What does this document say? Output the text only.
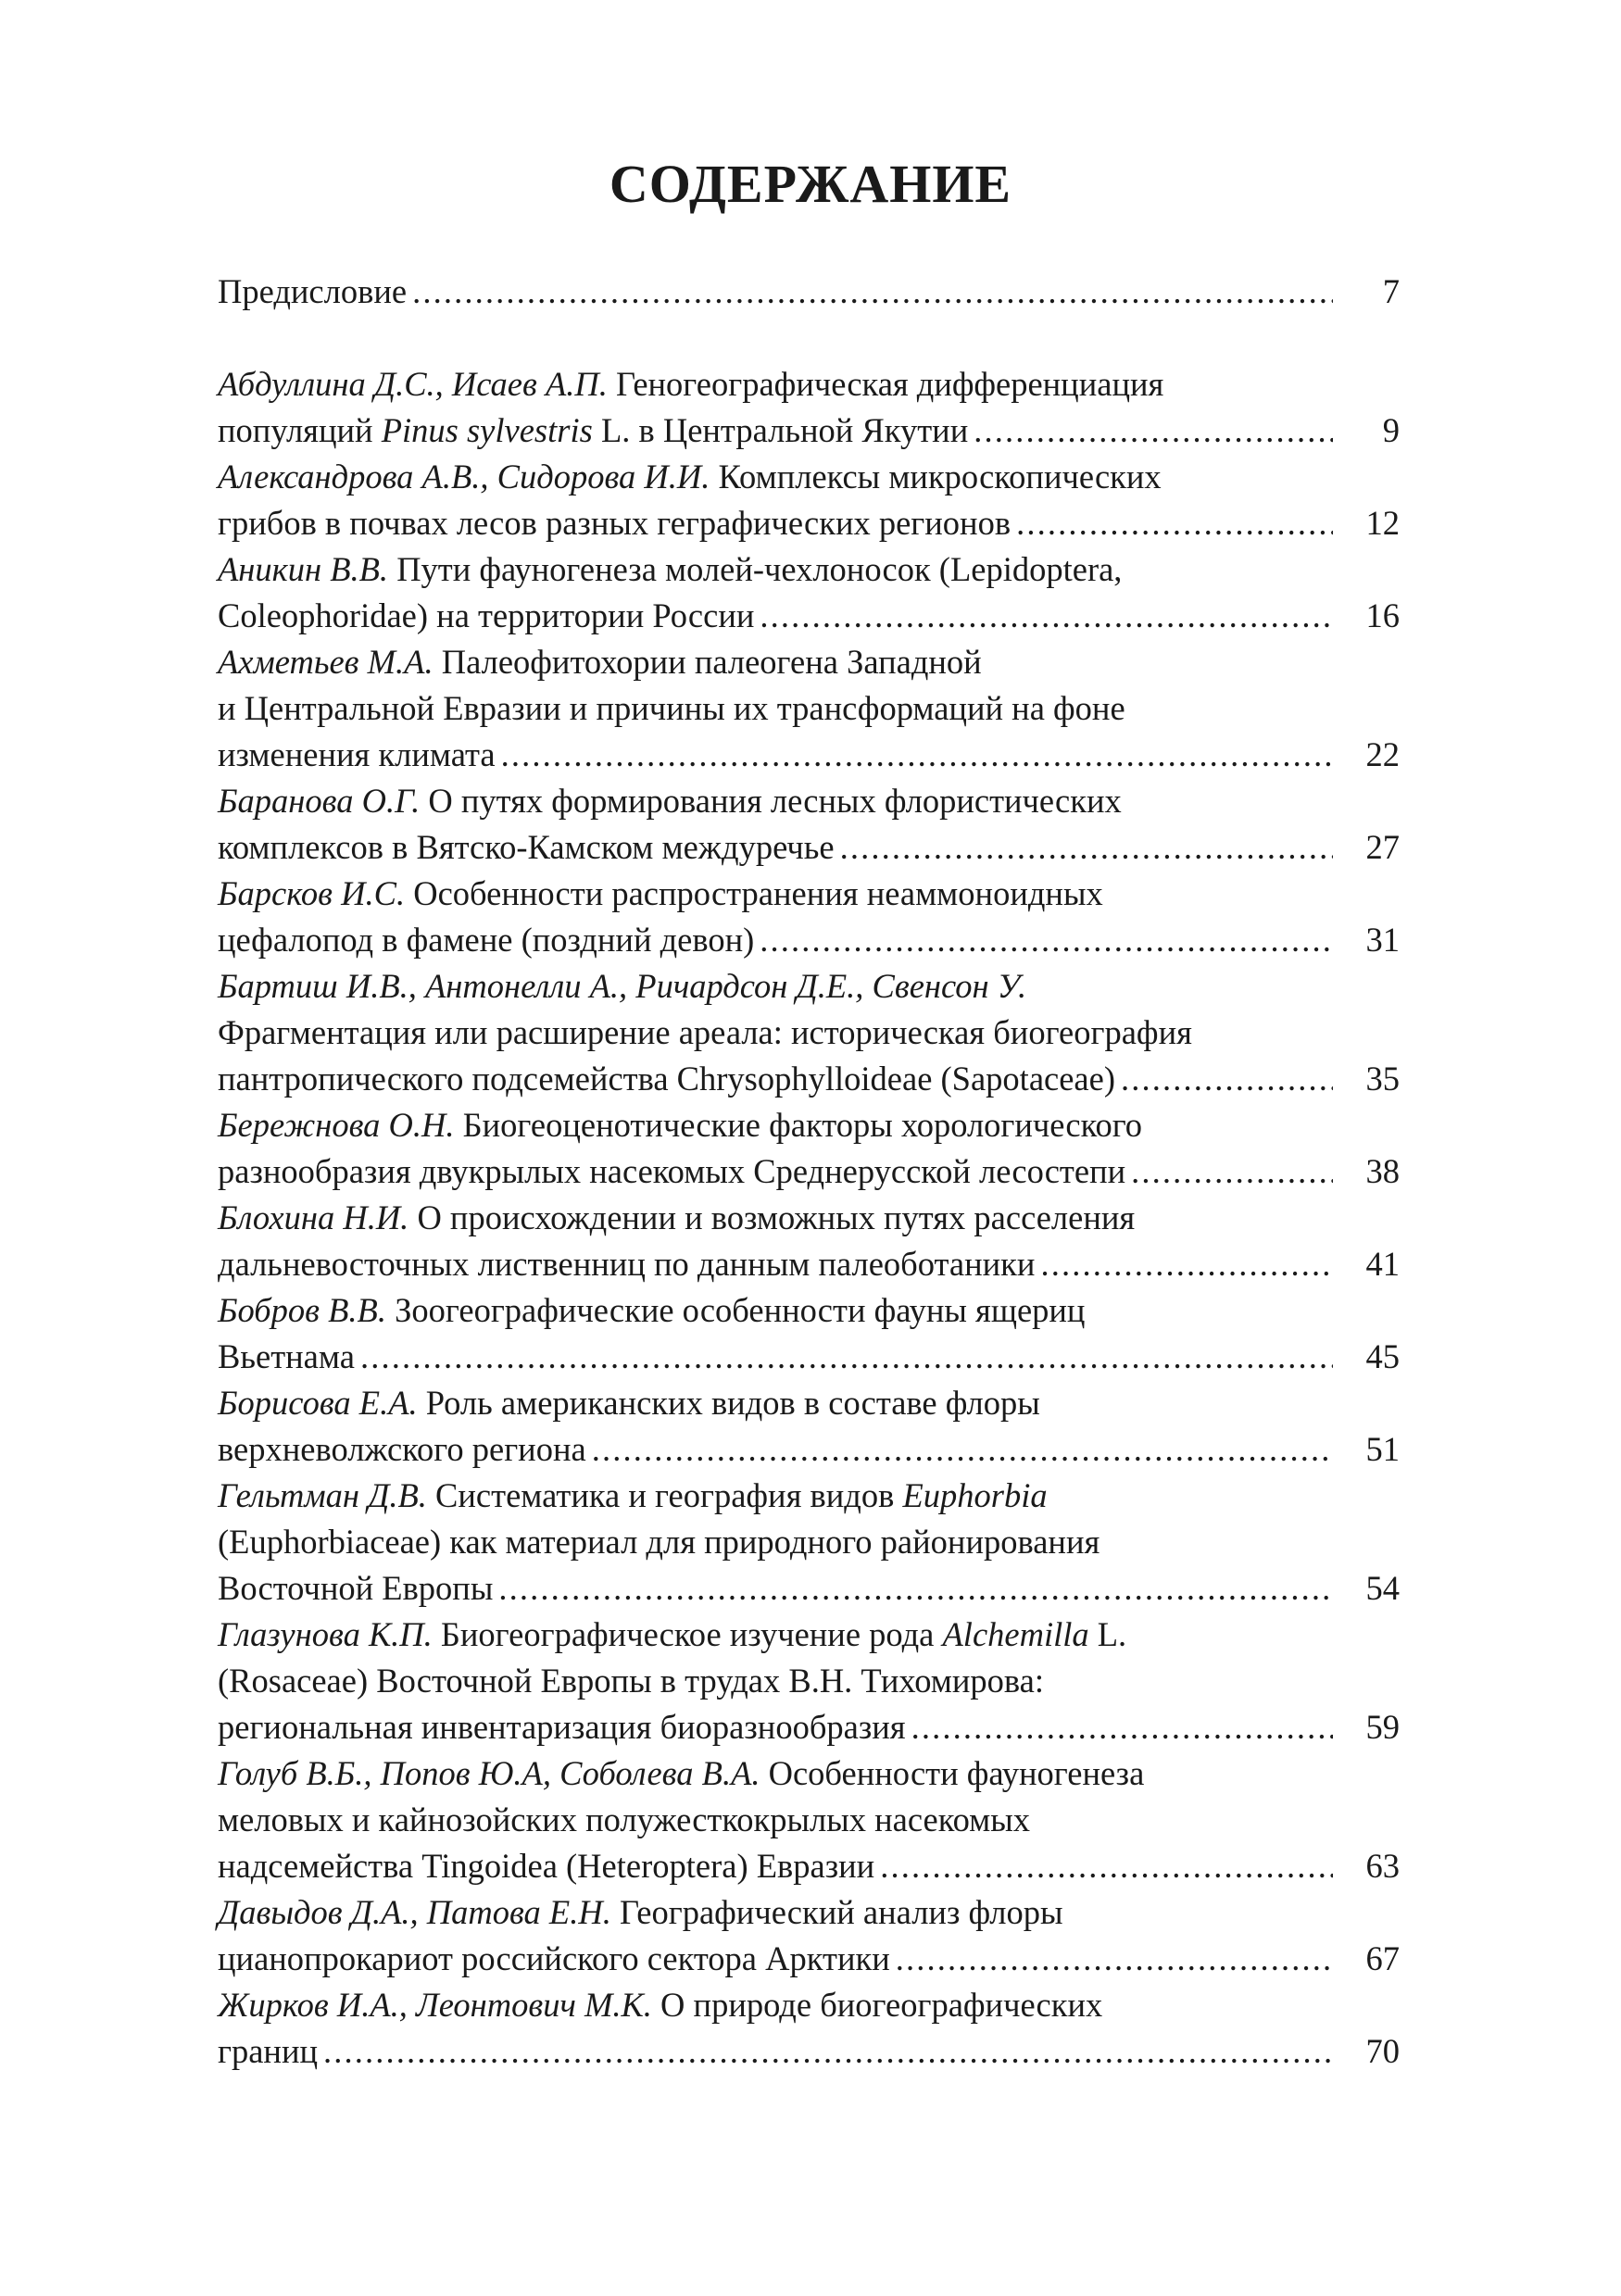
СОДЕРЖАНИЕ
Предисловие . . .	7
Абдуллина Д.С., Исаев А.П. Геногеографическая дифференциация
популяций Pinus sylvestris L. в Центральной Якутии . . .	9
Александрова А.В., Сидорова И.И. Комплексы микроскопических
грибов в почвах лесов разных геграфических регионов . . .	12
Аникин В.В. Пути фауногенеза молей-чехлоносок (Lepidoptera,
Coleophoridae) на территории России . . .	16
Ахметьев М.А. Палеофитохории палеогена Западной
и Центральной Евразии и причины их трансформаций на фоне
изменения климата . . .	22
Баранова О.Г. О путях формирования лесных флористических
комплексов в Вятско-Камском междуречье . . .	27
Барсков И.С. Особенности распространения неаммоноидных
цефалопод в фамене (поздний девон) . . .	31
Бартиш И.В., Антонелли А., Ричардсон Д.Е., Свенсон У.
Фрагментация или расширение ареала: историческая биогеография
пантропического подсемейства Chrysophylloideae (Sapotaceae) . . .	35
Бережнова О.Н. Биогеоценотические факторы хорологического
разнообразия двукрылых насекомых Среднерусской лесостепи . . .	38
Блохина Н.И. О происхождении и возможных путях расселения
дальневосточных лиственниц по данным палеоботаники . . .	41
Бобров В.В. Зоогеографические особенности фауны ящериц
Вьетнама . . .	45
Борисова Е.А. Роль американских видов в составе флоры
верхневолжского региона . . .	51
Гельтман Д.В. Систематика и география видов Euphorbia
(Euphorbiaceae) как материал для природного районирования
Восточной Европы . . .	54
Глазунова К.П. Биогеографическое изучение рода Alchemilla L.
(Rosaceae) Восточной Европы в трудах В.Н. Тихомирова:
региональная инвентаризация биоразнообразия . . .	59
Голуб В.Б., Попов Ю.А, Соболева В.А. Особенности фауногенеза
меловых и кайнозойских полужесткокрылых насекомых
надсемейства Tingoidea (Heteroptera) Евразии . . .	63
Давыдов Д.А., Патова Е.Н. Географический анализ флоры
цианопрокариот российского сектора Арктики . . .	67
Жирков И.А., Леонтович М.К. О природе биогеографических
границ . . .	70
